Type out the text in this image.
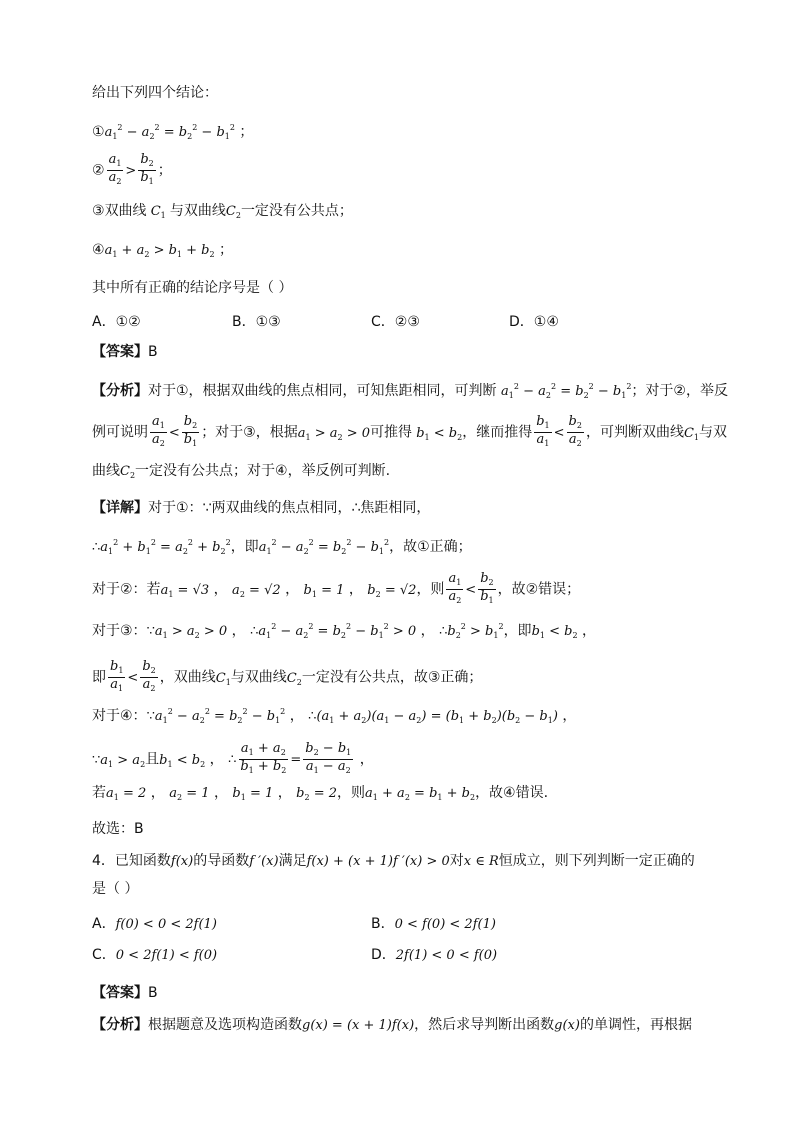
给出下列四个结论：
$①a_1^2 - a_2^2 = b_2^2 - b_1^2$ ；
② $\frac{a_1}{a_2} > \frac{b_2}{b_1}$ ；
③双曲线 $C_1$ 与双曲线$C_2$一定没有公共点；
$④a_1 + a_2 > b_1 + b_2$ ；
其中所有正确的结论序号是（ ）
A．①②	B．①③	C．②③	D．①④
【答案】B
【分析】对于①，根据双曲线的焦点相同，可知焦距相同，可判断 $a_1^2 - a_2^2 = b_2^2 - b_1^2$；对于②，举反
例可说明 $\frac{a_1}{a_2} < \frac{b_2}{b_1}$ ；对于③，根据$a_1 > a_2 > 0$可推得 $b_1 < b_2$，继而推得 $\frac{b_1}{a_1} < \frac{b_2}{a_2}$ ，可判断双曲线$C_1$与双
曲线$C_2$一定没有公共点；对于④，举反例可判断.
【详解】对于①：∵两双曲线的焦点相同，∴焦距相同，
$\therefore a_1^2 + b_1^2 = a_2^2 + b_2^2$，即$a_1^2 - a_2^2 = b_2^2 - b_1^2$，故①正确；
对于②：若$a_1 = √3$ ， $a_2 = √2$ ， $b_1 = 1$ ， $b_2 = √2$，则 $\frac{a_1}{a_2} < \frac{b_2}{b_1}$ ，故②错误；
对于③：$\because a_1 > a_2 > 0$ ， $\therefore a_1^2 - a_2^2 = b_2^2 - b_1^2 > 0$ ， $\therefore b_2^2 > b_1^2$，即$b_1 < b_2$ ，
即 $\frac{b_1}{a_1} < \frac{b_2}{a_2}$ ，双曲线$C_1$与双曲线$C_2$一定没有公共点，故③正确；
对于④：$\because a_1^2 - a_2^2 = b_2^2 - b_1^2$ ， $\therefore(a_1 + a_2)(a_1 - a_2) = (b_1 + b_2)(b_2 - b_1)$ ，
$\because a_1 > a_2$且$b_1 < b_2$ ， ∴ $\frac{a_1 + a_2}{b_1 + b_2} = \frac{b_2 - b_1}{a_1 - a_2}$ ，
若$a_1 = 2$ ， $a_2 = 1$ ， $b_1 = 1$ ， $b_2 = 2$，则$a_1 + a_2 = b_1 + b_2$，故④错误.
故选：B
4．已知函数f(x)的导函数f ′(x)满足f(x) + (x + 1)f ′(x) > 0对x ∈ R恒成立，则下列判断一定正确的
是（ ）
A．f(0) < 0 < 2f(1)	B．0 < f(0) < 2f(1)
C．0 < 2f(1) < f(0)	D．2f(1) < 0 < f(0)
【答案】B
【分析】根据题意及选项构造函数g(x) = (x + 1)f(x)，然后求导判断出函数g(x)的单调性，再根据
